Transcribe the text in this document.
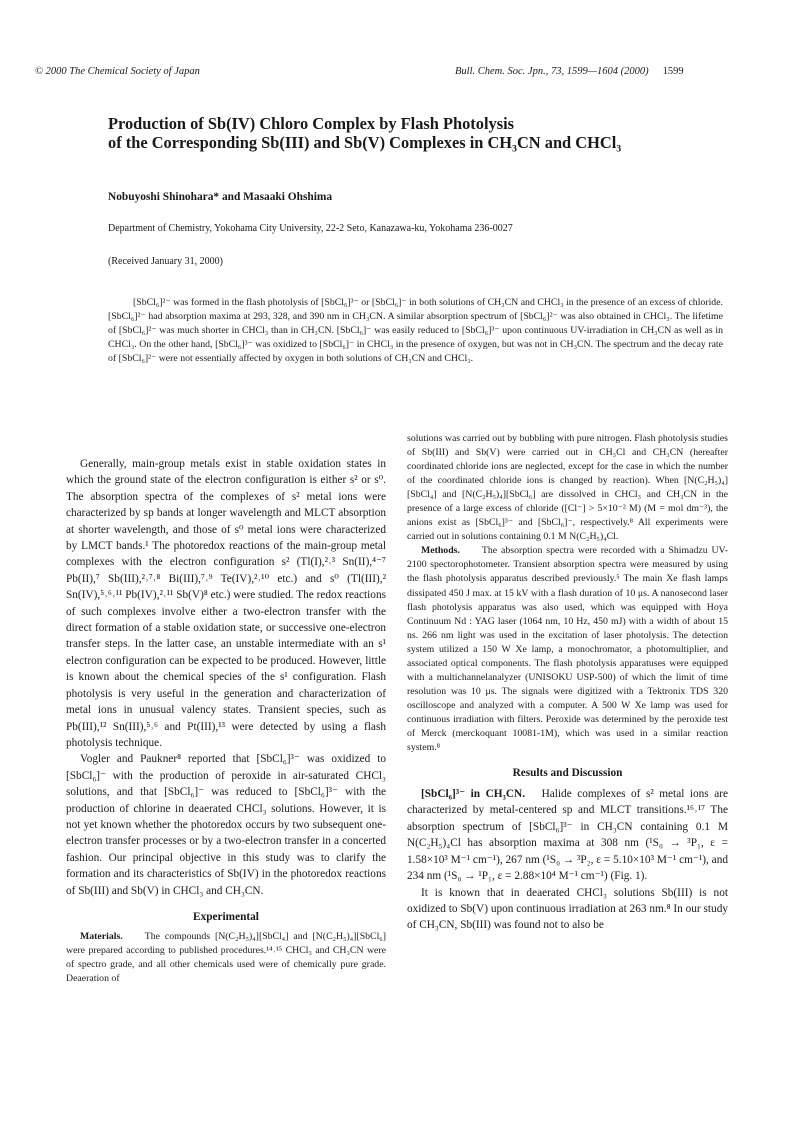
© 2000 The Chemical Society of Japan	Bull. Chem. Soc. Jpn., 73, 1599—1604 (2000) 1599
Production of Sb(IV) Chloro Complex by Flash Photolysis
of the Corresponding Sb(III) and Sb(V) Complexes in CH₃CN and CHCl₃
Nobuyoshi Shinohara* and Masaaki Ohshima
Department of Chemistry, Yokohama City University, 22-2 Seto, Kanazawa-ku, Yokohama 236-0027
(Received January 31, 2000)

[SbCl₆]²⁻ was formed in the flash photolysis of [SbCl₆]³⁻ or [SbCl₆]⁻ in both solutions of CH₃CN and CHCl₃ in the presence of an excess of chloride. [SbCl₆]²⁻ had absorption maxima at 293, 328, and 390 nm in CH₃CN. A similar absorption spectrum of [SbCl₆]²⁻ was also obtained in CHCl₃. The lifetime of [SbCl₆]²⁻ was much shorter in CHCl₃ than in CH₃CN. [SbCl₆]⁻ was easily reduced to [SbCl₆]³⁻ upon continuous UV-irradiation in CH₃CN as well as in CHCl₃. On the other hand, [SbCl₆]³⁻ was oxidized to [SbCl₆]⁻ in CHCl₃ in the presence of oxygen, but was not in CH₃CN. The spectrum and the decay rate of [SbCl₆]²⁻ were not essentially affected by oxygen in both solutions of CH₃CN and CHCl₃.

Generally, main-group metals exist in stable oxidation states in which the ground state of the electron configuration is either s² or s⁰. The absorption spectra of the complexes of s² metal ions were characterized by sp bands at longer wavelength and MLCT absorption at shorter wavelength, and those of s⁰ metal ions were characterized by LMCT bands.¹ The photoredox reactions of the main-group metal complexes with the electron configuration s² (Tl(I),²˒³ Sn(II),⁴⁻⁷ Pb(II),⁷ Sb(III),²˒⁷˒⁸ Bi(III),⁷˒⁹ Te(IV),²˒¹⁰ etc.) and s⁰ (Tl(III),² Sn(IV),⁵˒⁶˒¹¹ Pb(IV),²˒¹¹ Sb(V)⁸ etc.) were studied. The redox reactions of such complexes involve either a two-electron transfer with the direct formation of a stable oxidation state, or successive one-electron transfer steps. In the latter case, an unstable intermediate with an s¹ electron configuration can be expected to be produced. However, little is known about the chemical species of the s¹ configuration. Flash photolysis is very useful in the generation and characterization of metal ions in unusual valency states. Transient species, such as Pb(III),¹² Sn(III),⁵˒⁶ and Pt(III),¹³ were detected by using a flash photolysis technique.

Vogler and Paukner⁸ reported that [SbCl₆]³⁻ was oxidized to [SbCl₆]⁻ with the production of peroxide in air-saturated CHCl₃ solutions, and that [SbCl₆]⁻ was reduced to [SbCl₆]³⁻ with the production of chlorine in deaerated CHCl₃ solutions. However, it is not yet known whether the photoredox occurs by two subsequent one-electron transfer processes or by a two-electron transfer in a concerted fashion. Our principal objective in this study was to clarify the formation and its characteristics of Sb(IV) in the photoredox reactions of Sb(III) and Sb(V) in CHCl₃ and CH₃CN.

Experimental

Materials. The compounds [N(C₂H₅)₄][SbCl₄] and [N(C₂H₅)₄][SbCl₆] were prepared according to published procedures.¹⁴˒¹⁵ CHCl₃ and CH₃CN were of spectro grade, and all other chemicals used were of chemically pure grade. Deaeration of

solutions was carried out by bubbling with pure nitrogen. Flash photolysis studies of Sb(III) and Sb(V) were carried out in CH₃Cl and CH₃CN (hereafter coordinated chloride ions are neglected, except for the case in which the number of the coordinated chloride ions is changed by reaction). When [N(C₂H₅)₄][SbCl₄] and [N(C₂H₅)₄][SbCl₆] are dissolved in CHCl₃ and CH₃CN in the presence of a large excess of chloride ([Cl⁻] > 5×10⁻² M) (M = mol dm⁻³), the anions exist as [SbCl₆]³⁻ and [SbCl₆]⁻, respectively.⁸ All experiments were carried out in solutions containing 0.1 M N(C₂H₅)₄Cl.

Methods. The absorption spectra were recorded with a Shimadzu UV-2100 spectorophotometer. Transient absorption spectra were measured by using the flash photolysis apparatus described previously.⁵ The main Xe flash lamps dissipated 450 J max. at 15 kV with a flash duration of 10 μs. A nanosecond laser flash photolysis apparatus was also used, which was equipped with Hoya Continuum Nd : YAG laser (1064 nm, 10 Hz, 450 mJ) with a width of about 15 ns. 266 nm light was used in the excitation of laser photolysis. The detection system utilized a 150 W Xe lamp, a monochromator, a photomultiplier, and associated optical components. The flash photolysis apparatuses were equipped with a multichannelanalyzer (UNISOKU USP-500) of which the limit of time resolution was 10 μs. The signals were digitized with a Tektronix TDS 320 oscilloscope and analyzed with a computer. A 500 W Xe lamp was used for continuous irradiation with filters. Peroxide was determined by the peroxide test of Merck (merckoquant 10081-1M), which was used in a similar reaction system.⁸

Results and Discussion

[SbCl₆]³⁻ in CH₃CN. Halide complexes of s² metal ions are characterized by metal-centered sp and MLCT transitions.¹⁶˒¹⁷ The absorption spectrum of [SbCl₆]³⁻ in CH₃CN containing 0.1 M N(C₂H₅)₄Cl has absorption maxima at 308 nm (¹S₀ → ³P₁, ε = 1.58×10³ M⁻¹ cm⁻¹), 267 nm (¹S₀ → ³P₂, ε = 5.10×10³ M⁻¹ cm⁻¹), and 234 nm (¹S₀ → ¹P₁, ε = 2.88×10⁴ M⁻¹ cm⁻¹) (Fig. 1).

It is known that in deaerated CHCl₃ solutions Sb(III) is not oxidized to Sb(V) upon continuous irradiation at 263 nm.⁸ In our study of CH₃CN, Sb(III) was found not to also be
